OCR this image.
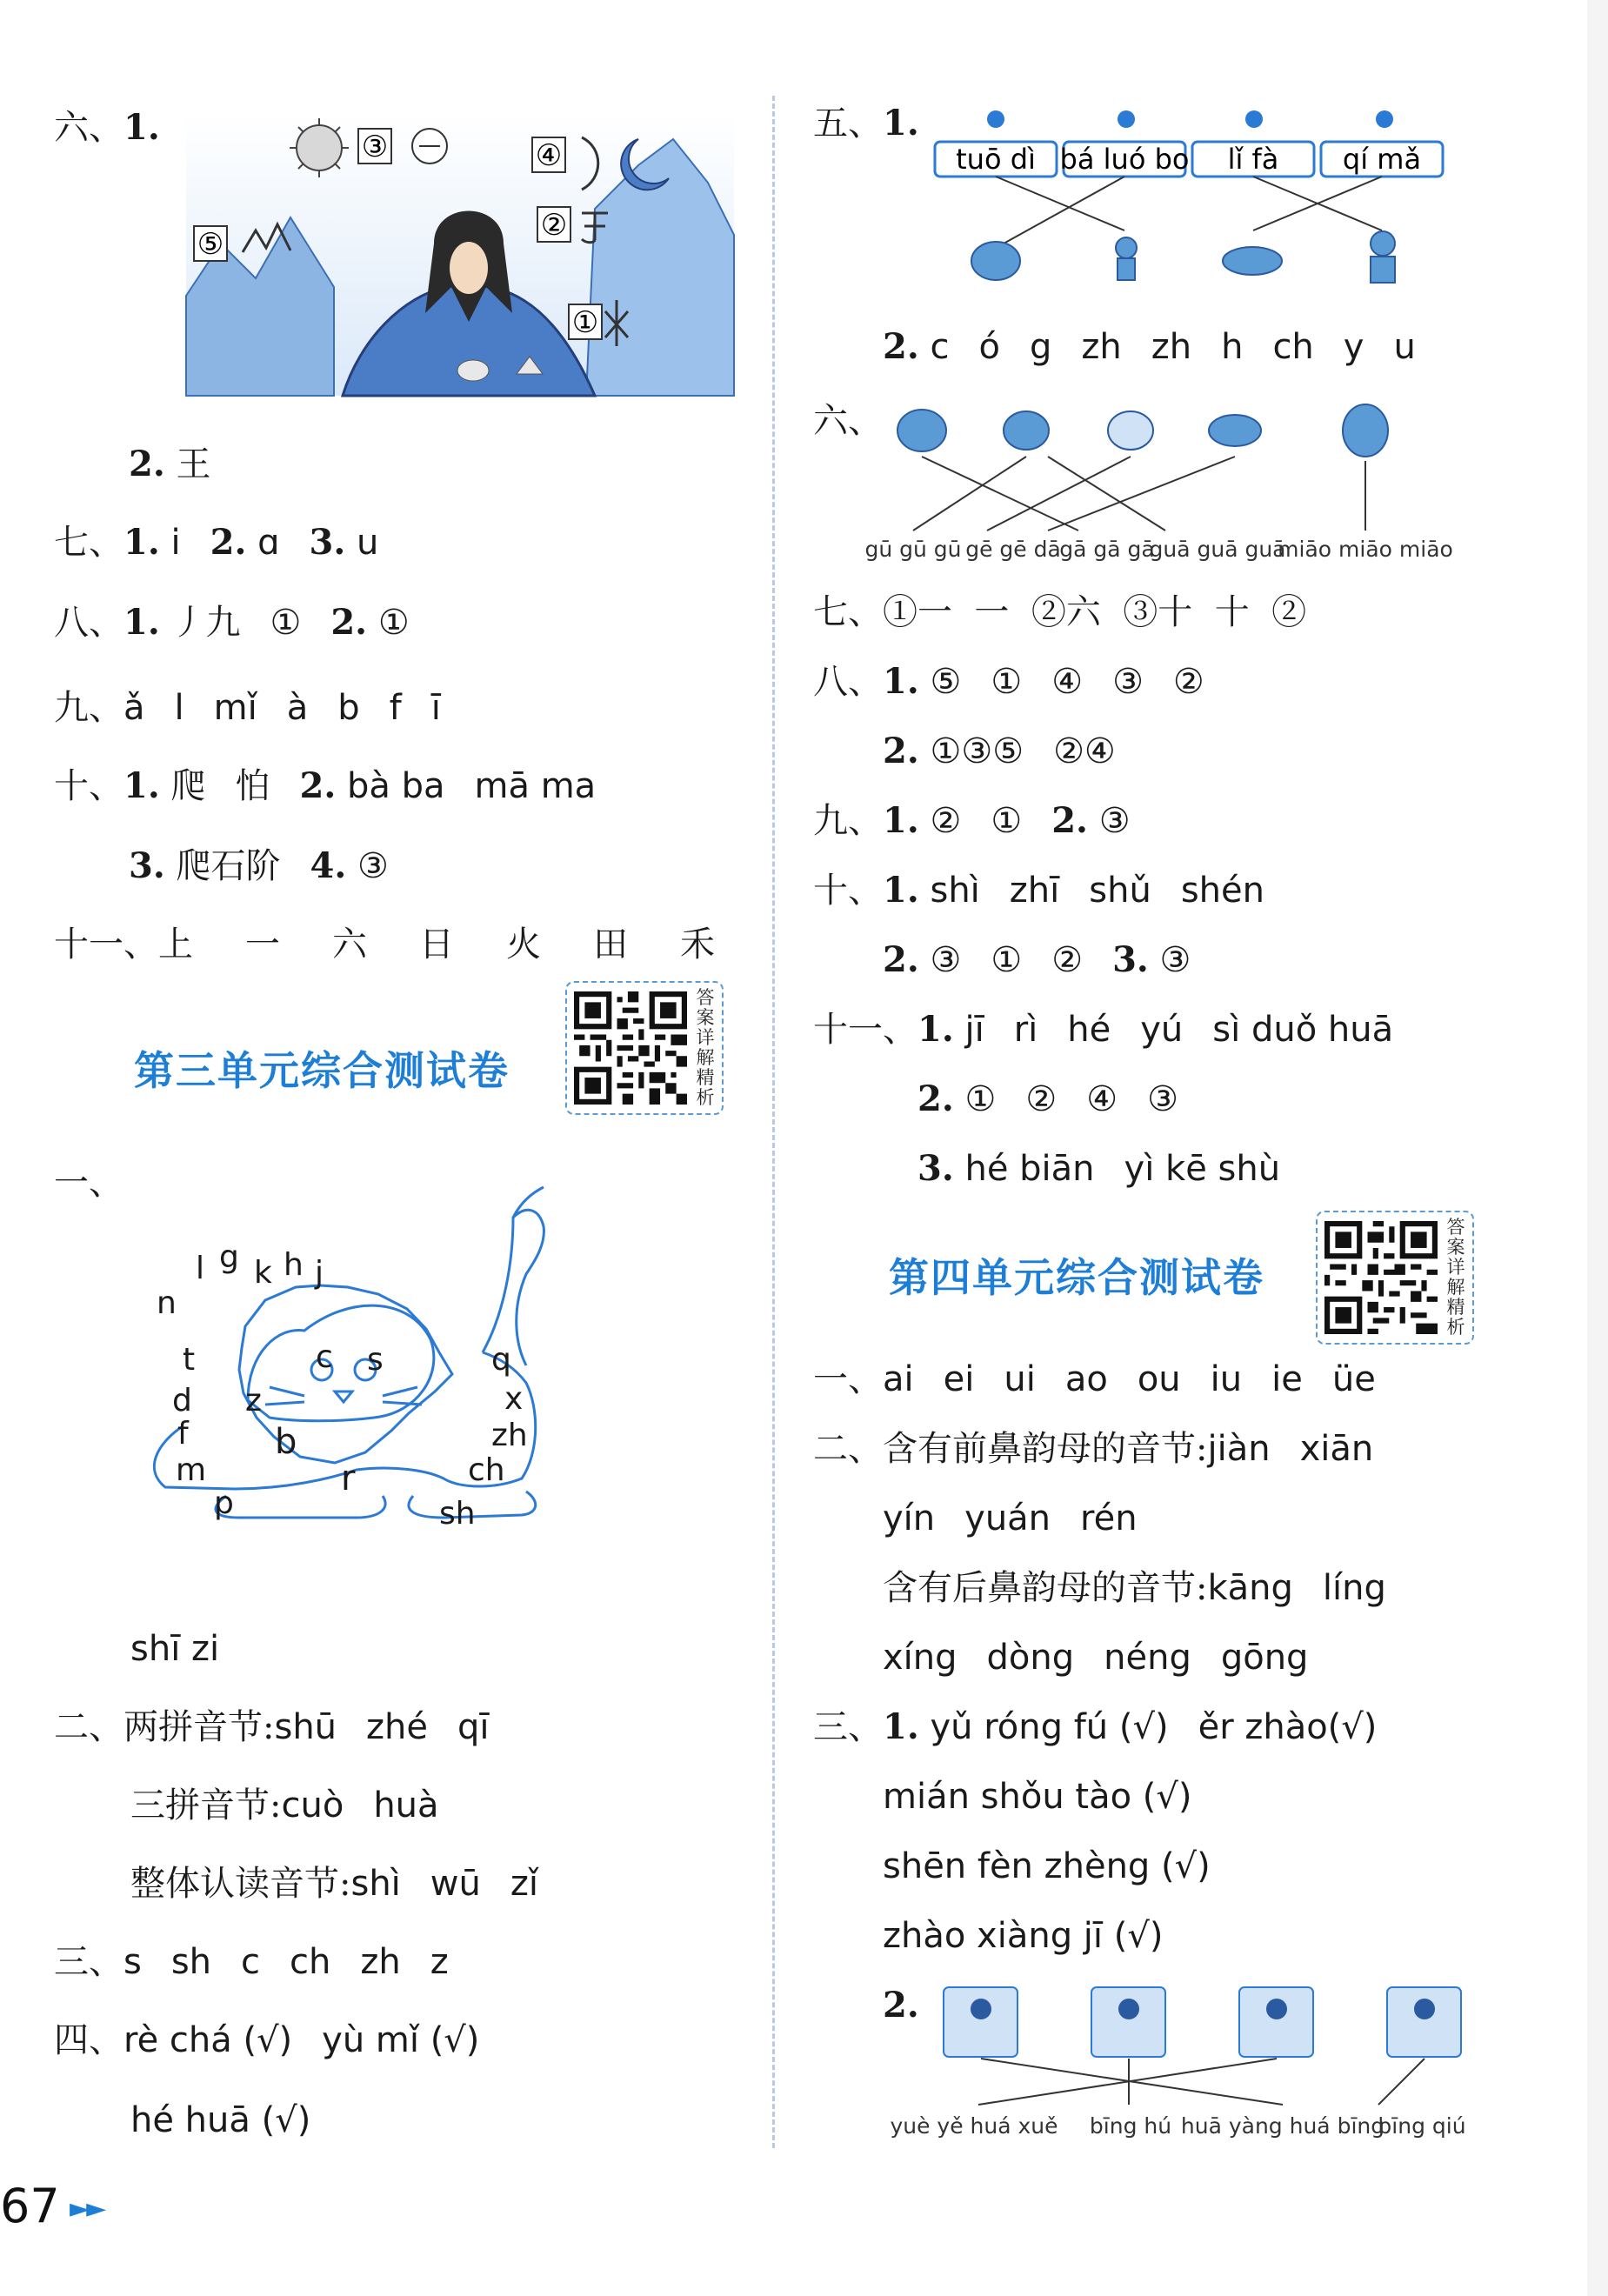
六、1.	③	④
②
⑤
①
2. 王
七、1. i 2. ɑ 3. u
八、1. 丿九 ① 2. ①
九、ǎ l mǐ à b f ī
十、1. 爬 怕 2. bà ba mā ma
3. 爬石阶 4. ③
十一、上 一 六 日 火 田 禾
第三单元综合测试卷
答案详解精析
一、
n
l g k h j
t	c s	q
d z	x
f	zh
m	ch
p	sh
b
r
shī zi
二、两拼音节:shū zhé qī
三拼音节:cuò huà
整体认读音节:shì wū zǐ
三、s sh c ch zh z
四、rè chá (√) yù mǐ (√)
hé huā (√)
五、1.
tuō dì bá luó bo lǐ fà qí mǎ
2. c ó g zh zh h ch y u
六、
gū gū gū gē gē dā
gā gā gā
guā guā guā
miāo miāo miāo
七、①一  一  ②六  ③十  十  ②
八、1. ⑤ ① ④ ③ ②
2. ①③⑤ ②④
九、1. ② ① 2. ③
十、1. shì zhī shǔ shén
2. ③ ① ② 3. ③
十一、1. jī rì hé yú sì duǒ huā
2. ① ② ④ ③
3. hé biān yì kē shù
第四单元综合测试卷
答案详解精析
一、ai ei ui ao ou iu ie üe
二、含有前鼻韵母的音节:jiàn xiān
yín yuán rén
含有后鼻韵母的音节:kāng líng
xíng dòng néng gōng
三、1. yǔ róng fú (√) ěr zhào(√)
mián shǒu tào (√)
shēn fèn zhèng (√)
zhào xiàng jī (√)
2.
yuè yě huá xuě bīng hú huā yàng huá bīng
bīng qiú
67 ►►
